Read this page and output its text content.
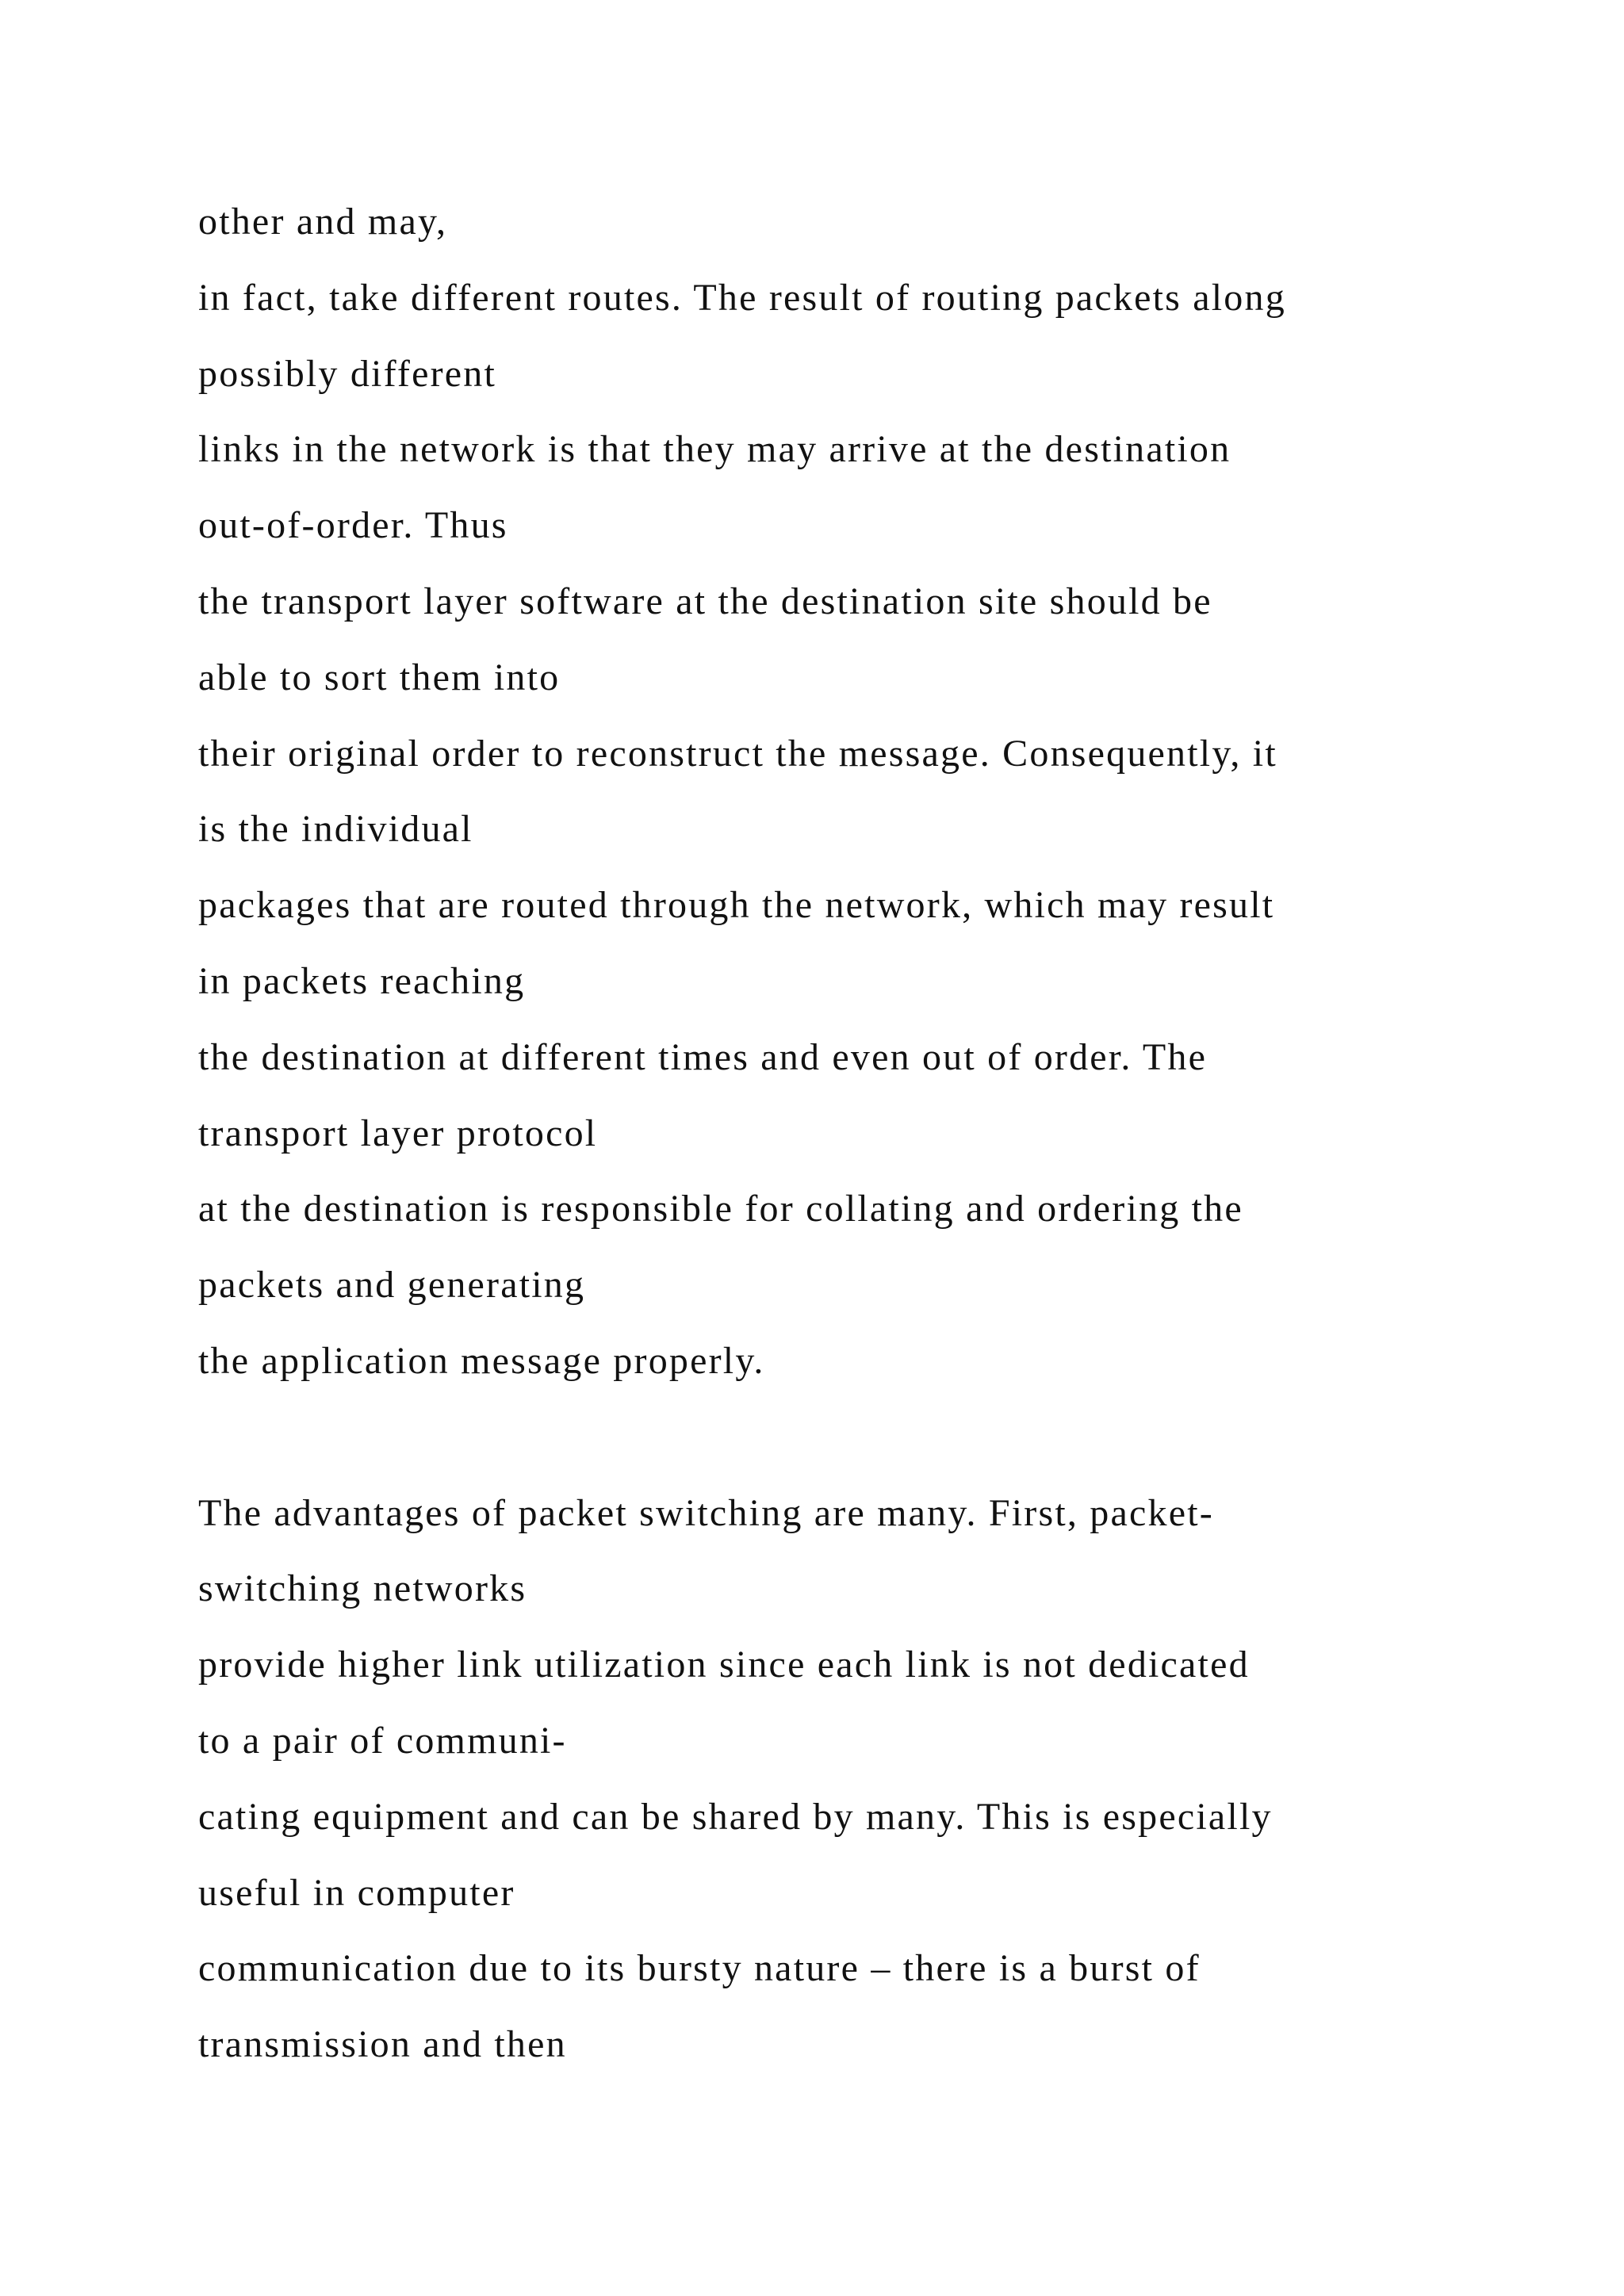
other and may,
in fact, take different routes. The result of routing packets along
possibly different
links in the network is that they may arrive at the destination
out-of-order. Thus
the transport layer software at the destination site should be
able to sort them into
their original order to reconstruct the message. Consequently, it
is the individual
packages that are routed through the network, which may result
in packets reaching
the destination at different times and even out of order. The
transport layer protocol
at the destination is responsible for collating and ordering the
packets and generating
the application message properly.
The advantages of packet switching are many. First, packet-
switching networks
provide higher link utilization since each link is not dedicated
to a pair of communi-
cating equipment and can be shared by many. This is especially
useful in computer
communication due to its bursty nature – there is a burst of
transmission and then
